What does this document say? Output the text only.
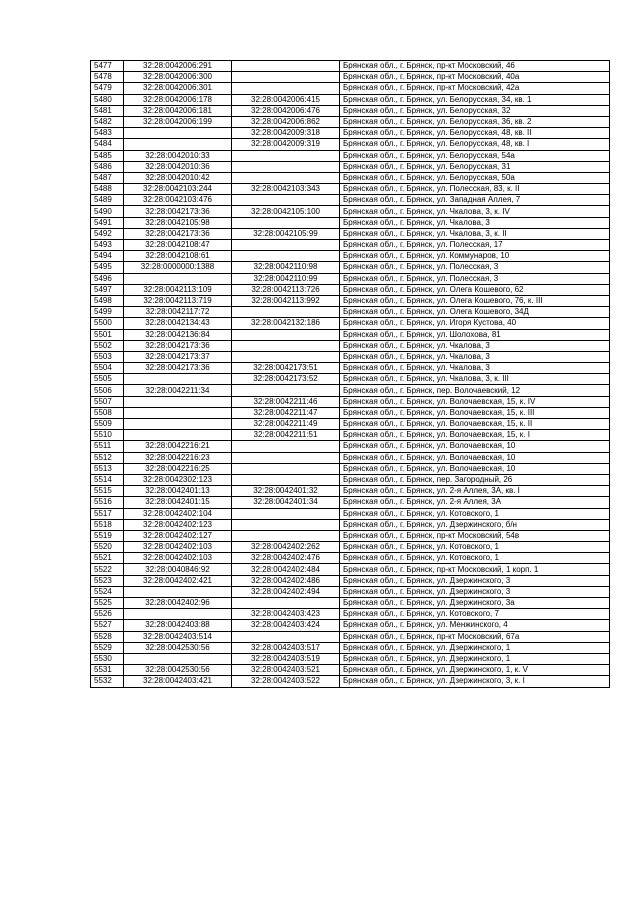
5477	32:28:0042006:291		Брянская обл., г. Брянск, пр-кт Московский, 46
5478	32:28:0042006:300		Брянская обл., г. Брянск, пр-кт Московский, 40а
5479	32:28:0042006:301		Брянская обл., г. Брянск, пр-кт Московский, 42а
5480	32:28:0042006:178	32:28:0042006:415	Брянская обл., г. Брянск, ул. Белорусская, 34, кв. 1
5481	32:28:0042006:181	32:28:0042006:476	Брянская обл., г. Брянск, ул. Белорусская, 32
5482	32:28:0042006:199	32:28:0042006:862	Брянская обл., г. Брянск, ул. Белорусская, 36, кв. 2
5483		32:28:0042009:318	Брянская обл., г. Брянск, ул. Белорусская, 48, кв. II
5484		32:28:0042009:319	Брянская обл., г. Брянск, ул. Белорусская, 48, кв. I
5485	32:28:0042010:33		Брянская обл., г. Брянск, ул. Белорусская, 54а
5486	32:28:0042010:36		Брянская обл., г. Брянск, ул. Белорусская, 31
5487	32:28:0042010:42		Брянская обл., г. Брянск, ул. Белорусская, 50а
5488	32:28:0042103:244	32:28:0042103:343	Брянская обл., г. Брянск, ул. Полесская, 83, к. II
5489	32:28:0042103:476		Брянская обл., г. Брянск, ул. Западная Аллея, 7
5490	32:28:0042173:36	32:28:0042105:100	Брянская обл., г. Брянск, ул. Чкалова, 3, к. IV
5491	32:28:0042105:98		Брянская обл., г. Брянск, ул. Чкалова, 3
5492	32:28:0042173:36	32:28:0042105:99	Брянская обл., г. Брянск, ул. Чкалова, 3, к. II
5493	32:28:0042108:47		Брянская обл., г. Брянск, ул. Полесская, 17
5494	32:28:0042108:61		Брянская обл., г. Брянск, ул. Коммунаров, 10
5495	32:28:0000000:1388	32:28:0042110:98	Брянская обл., г. Брянск, ул. Полесская, 3
5496		32:28:0042110:99	Брянская обл., г. Брянск, ул. Полесская, 3
5497	32:28:0042113:109	32:28:0042113:726	Брянская обл., г. Брянск, ул. Олега Кошевого, 62
5498	32:28:0042113:719	32:28:0042113:992	Брянская обл., г. Брянск, ул. Олега Кошевого, 76, к. III
5499	32:28:0042117:72		Брянская обл., г. Брянск, ул. Олега Кошевого, 34Д
5500	32:28:0042134:43	32:28:0042132:186	Брянская обл., г. Брянск, ул. Игоря Кустова, 40
5501	32:28:0042136:84		Брянская обл., г. Брянск, ул. Шолохова, 81
5502	32:28:0042173:36		Брянская обл., г. Брянск, ул. Чкалова, 3
5503	32:28:0042173:37		Брянская обл., г. Брянск, ул. Чкалова, 3
5504	32:28:0042173:36	32:28:0042173:51	Брянская обл., г. Брянск, ул. Чкалова, 3
5505		32:28:0042173:52	Брянская обл., г. Брянск, ул. Чкалова, 3, к. III
5506	32:28:0042211:34		Брянская обл., г. Брянск, пер. Волочаевский, 12
5507		32:28:0042211:46	Брянская обл., г. Брянск, ул. Волочаевская, 15, к. IV
5508		32:28:0042211:47	Брянская обл., г. Брянск, ул. Волочаевская, 15, к. III
5509		32:28:0042211:49	Брянская обл., г. Брянск, ул. Волочаевская, 15, к. II
5510		32:28:0042211:51	Брянская обл., г. Брянск, ул. Волочаевская, 15, к. I
5511	32:28:0042216:21		Брянская обл., г. Брянск, ул. Волочаевская, 10
5512	32:28:0042216:23		Брянская обл., г. Брянск, ул. Волочаевская, 10
5513	32:28:0042216:25		Брянская обл., г. Брянск, ул. Волочаевская, 10
5514	32:28:0042302:123		Брянская обл., г. Брянск, пер. Загородный, 26
5515	32:28:0042401:13	32:28:0042401:32	Брянская обл., г. Брянск, ул. 2-я Аллея, 3А, кв. I
5516	32:28:0042401:15	32:28:0042401:34	Брянская обл., г. Брянск, ул. 2-я Аллея, 3А
5517	32:28:0042402:104		Брянская обл., г. Брянск, ул. Котовского, 1
5518	32:28:0042402:123		Брянская обл., г. Брянск, ул. Дзержинского, б/н
5519	32:28:0042402:127		Брянская обл., г. Брянск, пр-кт Московский, 54в
5520	32:28:0042402:103	32:28:0042402:262	Брянская обл., г. Брянск, ул. Котовского, 1
5521	32:28:0042402:103	32:28:0042402:476	Брянская обл., г. Брянск, ул. Котовского, 1
5522	32:28:0040846:92	32:28:0042402:484	Брянская обл., г. Брянск, пр-кт Московский, 1 корп. 1
5523	32:28:0042402:421	32:28:0042402:486	Брянская обл., г. Брянск, ул. Дзержинского, 3
5524		32:28:0042402:494	Брянская обл., г. Брянск, ул. Дзержинского, 3
5525	32:28:0042402:96		Брянская обл., г. Брянск, ул. Дзержинского, 3а
5526		32:28:0042403:423	Брянская обл., г. Брянск, ул. Котовского, 7
5527	32:28:0042403:88	32:28:0042403:424	Брянская обл., г. Брянск, ул. Менжинского, 4
5528	32:28:0042403:514		Брянская обл., г. Брянск, пр-кт Московский, 67а
5529	32:28:0042530:56	32:28:0042403:517	Брянская обл., г. Брянск, ул. Дзержинского, 1
5530		32:28:0042403:519	Брянская обл., г. Брянск, ул. Дзержинского, 1
5531	32:28:0042530:56	32:28:0042403:521	Брянская обл., г. Брянск, ул. Дзержинского, 1, к. V
5532	32:28:0042403:421	32:28:0042403:522	Брянская обл., г. Брянск, ул. Дзержинского, 3, к. I
